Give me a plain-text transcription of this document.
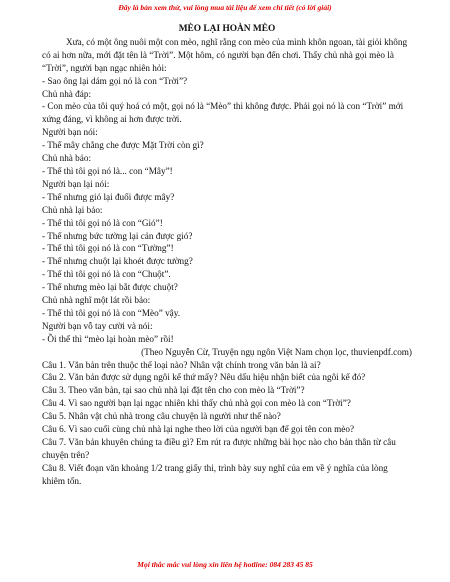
Đây là bản xem thử, vui lòng mua tài liệu để xem chi tiết (có lời giải)

MÈO LẠI HOÀN MÈO

Xưa, có một ông nuôi một con mèo, nghĩ rằng con mèo của mình khôn ngoan, tài giỏi không có ai hơn nữa, mới đặt tên là “Trời”. Một hôm, có người bạn đến chơi. Thấy chủ nhà gọi mèo là “Trời”, người bạn ngạc nhiên hỏi:

- Sao ông lại dám gọi nó là con “Trời”?

Chủ nhà đáp:

- Con mèo của tôi quý hoá có một, gọi nó là “Mèo” thì không được. Phải gọi nó là con “Trời” mới xứng đáng, vì không ai hơn được trời.

Người bạn nói:

- Thế mây chẳng che được Mặt Trời còn gì?

Chủ nhà bảo:

- Thế thì tôi gọi nó là... con “Mây”!

Người bạn lại nói:

- Thế nhưng gió lại đuổi được mây?

Chủ nhà lại bảo:

- Thế thì tôi gọi nó là con “Gió”!

- Thế nhưng bức tường lại cản được gió?

- Thế thì tôi gọi nó là con “Tường”!

- Thế nhưng chuột lại khoét được tường?

- Thế thì tôi gọi nó là con “Chuột”.

- Thế nhưng mèo lại bắt được chuột?

Chủ nhà nghĩ một lát rồi bảo:

- Thế thì tôi gọi nó là con “Mèo” vậy.

Người bạn vỗ tay cười và nói:

- Ồi thế thì “mèo lại hoàn mèo” rồi!

(Theo Nguyễn Cừ, Truyện ngụ ngôn Việt Nam chọn lọc, thuvienpdf.com)

Câu 1. Văn bản trên thuộc thể loại nào? Nhân vật chính trong văn bản là ai?

Câu 2. Văn bản được sử dụng ngôi kể thứ mấy? Nêu dấu hiệu nhận biết của ngôi kể đó?

Câu 3. Theo văn bản, tại sao chủ nhà lại đặt tên cho con mèo là “Trời”?

Câu 4. Vì sao người bạn lại ngạc nhiên khi thấy chủ nhà gọi con mèo là con “Trời”?

Câu 5. Nhân vật chủ nhà trong câu chuyện là người như thế nào?

Câu 6. Vì sao cuối cùng chủ nhà lại nghe theo lời của người bạn để gọi tên con mèo?

Câu 7. Văn bản khuyên chúng ta điều gì? Em rút ra được những bài học nào cho bản thân từ câu chuyện trên?

Câu 8. Viết đoạn văn khoảng 1/2 trang giấy thi, trình bày suy nghĩ của em về ý nghĩa của lòng khiêm tốn.

Mọi thắc mắc vui lòng xin liên hệ hotline: 084 283 45 85
